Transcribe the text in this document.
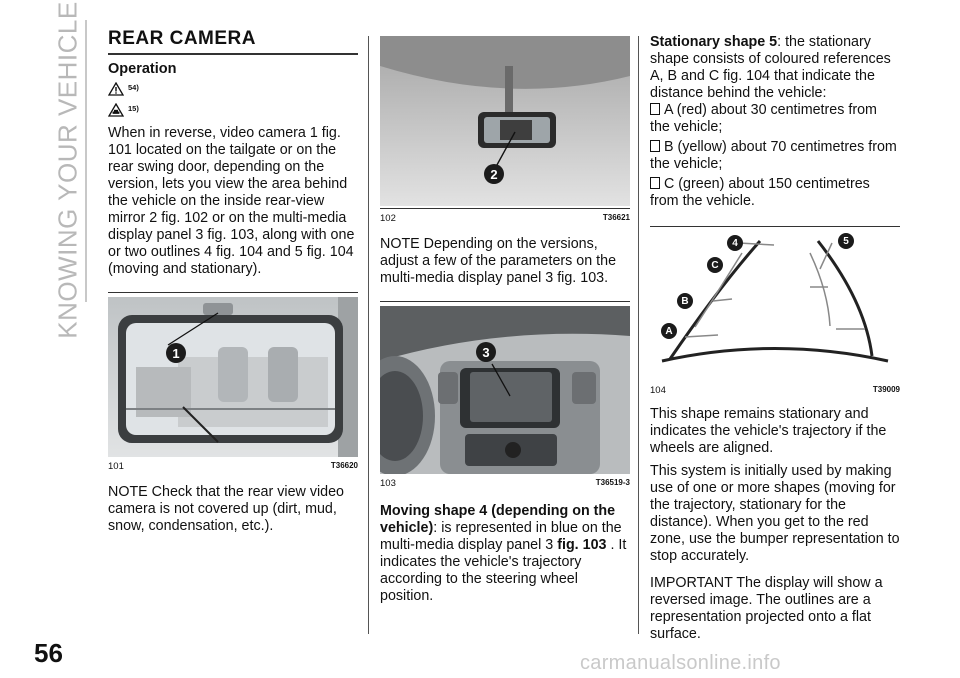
KNOWING YOUR VEHICLE
56	carmanualsonline.info
REAR CAMERA
Operation
54)
15)

When in reverse, video camera 1 fig. 101 located on the tailgate or on the rear swing door, depending on the version, lets you view the area behind the vehicle on the inside rear-view mirror 2 fig. 102 or on the multi-media display panel 3 fig. 103, along with one or two outlines 4 fig. 104 and 5 fig. 104 (moving and stationary).

1
101	T36620

NOTE Check that the rear view video camera is not covered up (dirt, mud, snow, condensation, etc.).

2
102	T36621

NOTE Depending on the versions, adjust a few of the parameters on the multi-media display panel 3 fig. 103.

3
103	T36519-3

Moving shape 4 (depending on the vehicle): is represented in blue on the multi-media display panel 3 fig. 103 . It indicates the vehicle's trajectory according to the steering wheel position.

Stationary shape 5: the stationary shape consists of coloured references A, B and C fig. 104 that indicate the distance behind the vehicle:

A (red) about 30 centimetres from the vehicle;
B (yellow) about 70 centimetres from the vehicle;
C (green) about 150 centimetres from the vehicle.
4	5
C
B
A
104	T39009

This shape remains stationary and indicates the vehicle's trajectory if the wheels are aligned.

This system is initially used by making use of one or more shapes (moving for the trajectory, stationary for the distance). When you get to the red zone, use the bumper representation to stop accurately.

IMPORTANT The display will show a reversed image. The outlines are a representation projected onto a flat surface.
